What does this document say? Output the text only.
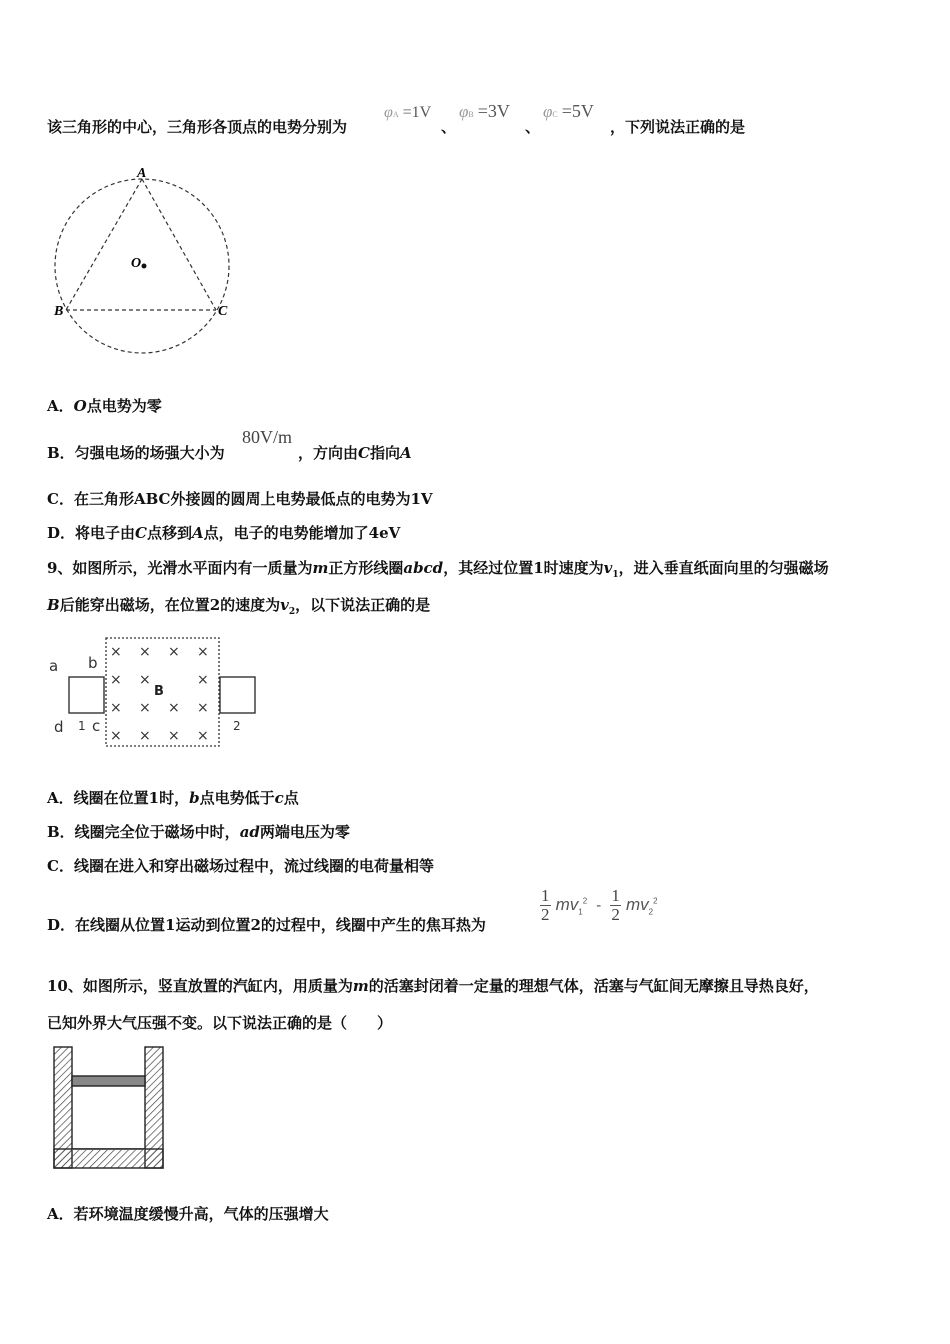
该三角形的中心，三角形各顶点的电势分别为
φA =1V
、
φB =3V
、
φC =5V
，下列说法正确的是
A
B	C
O
A．O点电势为零
B．匀强电场的场强大小为
80V/m
，方向由C指向A
C．在三角形ABC外接圆的圆周上电势最低点的电势为1V
D．将电子由C点移到A点，电子的电势能增加了4eV
9、如图所示，光滑水平面内有一质量为m正方形线圈abcd，其经过位置1时速度为$v_1$，进入垂直纸面向里的匀强磁场
B后能穿出磁场，在位置2的速度为$v_2$，以下说法正确的是
× × × ×
× ×	×
× × × ×
× × × ×
B
a b
c
d 1	2
A．线圈在位置1时，b点电势低于c点
B．线圈完全位于磁场中时，ad两端电压为零
C．线圈在进入和穿出磁场过程中，流过线圈的电荷量相等
D．在线圈从位置1运动到位置2的过程中，线圈中产生的焦耳热为
$\frac{1}{2} mv_1^2 - \frac{1}{2} mv_2^2$
10、如图所示，竖直放置的汽缸内，用质量为m的活塞封闭着一定量的理想气体，活塞与气缸间无摩擦且导热良好，
已知外界大气压强不变。以下说法正确的是（　　）
A．若环境温度缓慢升高，气体的压强增大
